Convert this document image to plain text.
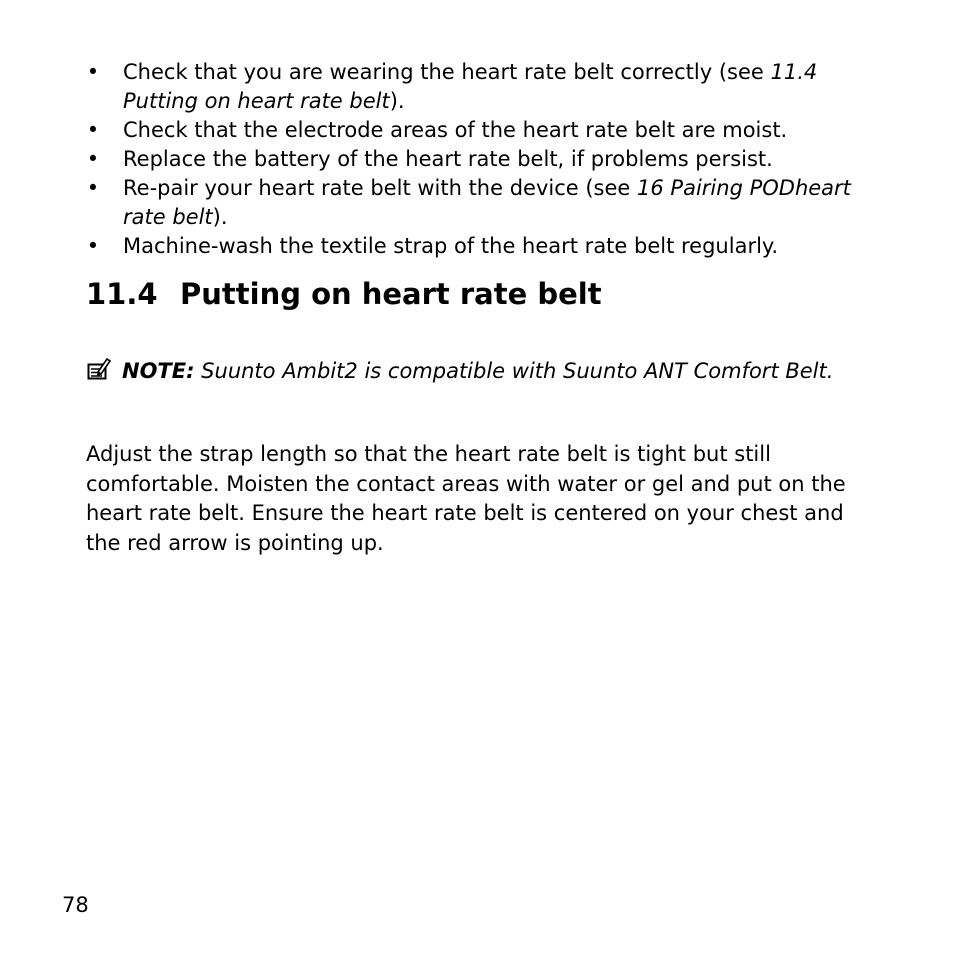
• Check that you are wearing the heart rate belt correctly (see 11.4 Putting on heart rate belt).
• Check that the electrode areas of the heart rate belt are moist.
• Replace the battery of the heart rate belt, if problems persist.
• Re-pair your heart rate belt with the device (see 16 Pairing PODheart rate belt).
• Machine-wash the textile strap of the heart rate belt regularly.
11.4 Putting on heart rate belt

NOTE: Suunto Ambit2 is compatible with Suunto ANT Comfort Belt.

Adjust the strap length so that the heart rate belt is tight but still comfortable. Moisten the contact areas with water or gel and put on the heart rate belt. Ensure the heart rate belt is centered on your chest and the red arrow is pointing up.

78
